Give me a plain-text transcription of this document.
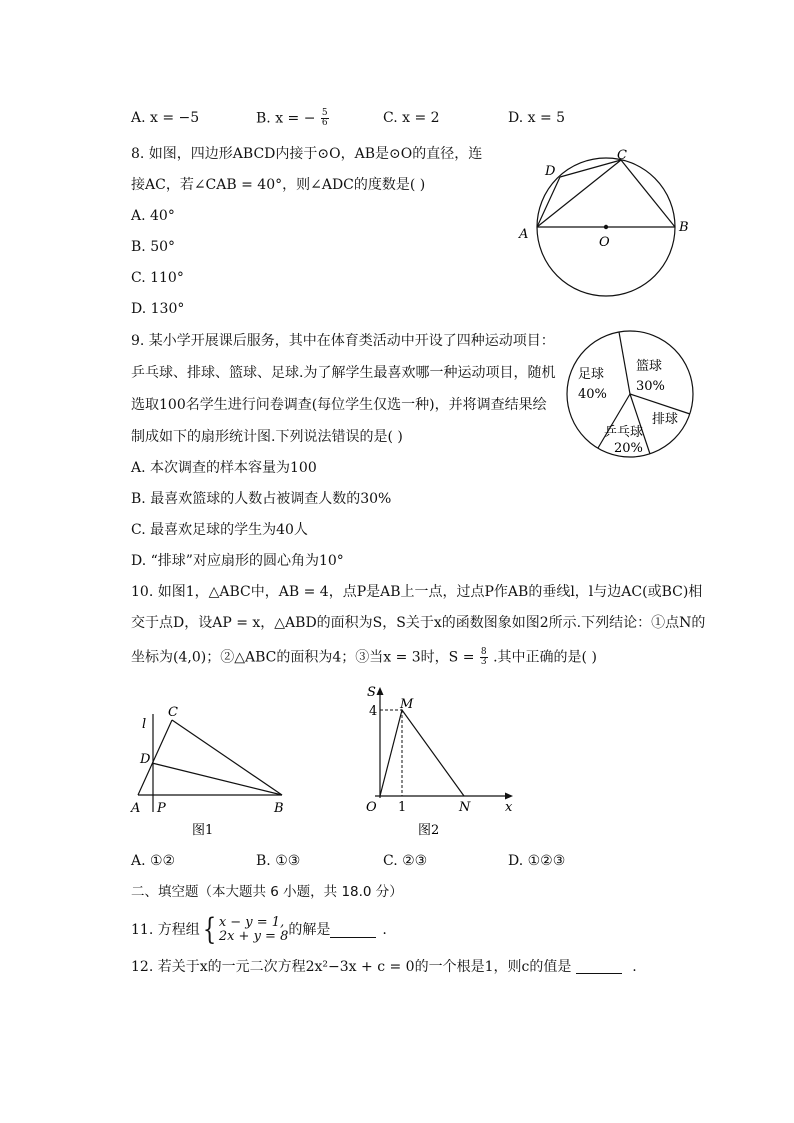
A. x = −5	B. x = − $\frac{5}{6}$	C. x = 2	D. x = 5
8. 如图，四边形ABCD内接于⊙O，AB是⊙O的直径，连
接AC，若∠CAB = 40°，则∠ADC的度数是( )
A. 40°
B. 50°
C. 110°
D. 130°
A	B
C
D
O
9. 某小学开展课后服务，其中在体育类活动中开设了四种运动项目：
乒乓球、排球、篮球、足球.为了解学生最喜欢哪一种运动项目，随机
选取100名学生进行问卷调查(每位学生仅选一种)，并将调查结果绘
制成如下的扇形统计图.下列说法错误的是( )
A. 本次调查的样本容量为100
B. 最喜欢篮球的人数占被调查人数的30%
C. 最喜欢足球的学生为40人
D. “排球”对应扇形的圆心角为10°
足球
40%
篮球
30%
排球
乒乓球
20%
10. 如图1，△ABC中，AB = 4，点P是AB上一点，过点P作AB的垂线l，l与边AC(或BC)相
交于点D，设AP = x，△ABD的面积为S，S关于x的函数图象如图2所示.下列结论：①点N的
坐标为(4,0)；②△ABC的面积为4；③当x = 3时，$S = \frac{8}{3}$ .其中正确的是( )
l
C
D
A P	B
图1
S
4 M
O 1	N	x
图2
A. ①②	B. ①③	C. ②③	D. ①②③
二、填空题（本大题共 6 小题，共 18.0 分）
11. 方程组 { x − y = 1,
2x + y = 8 的解是	.
12. 若关于x的一元二次方程2x²−3x + c = 0的一个根是1，则c的值是	.
